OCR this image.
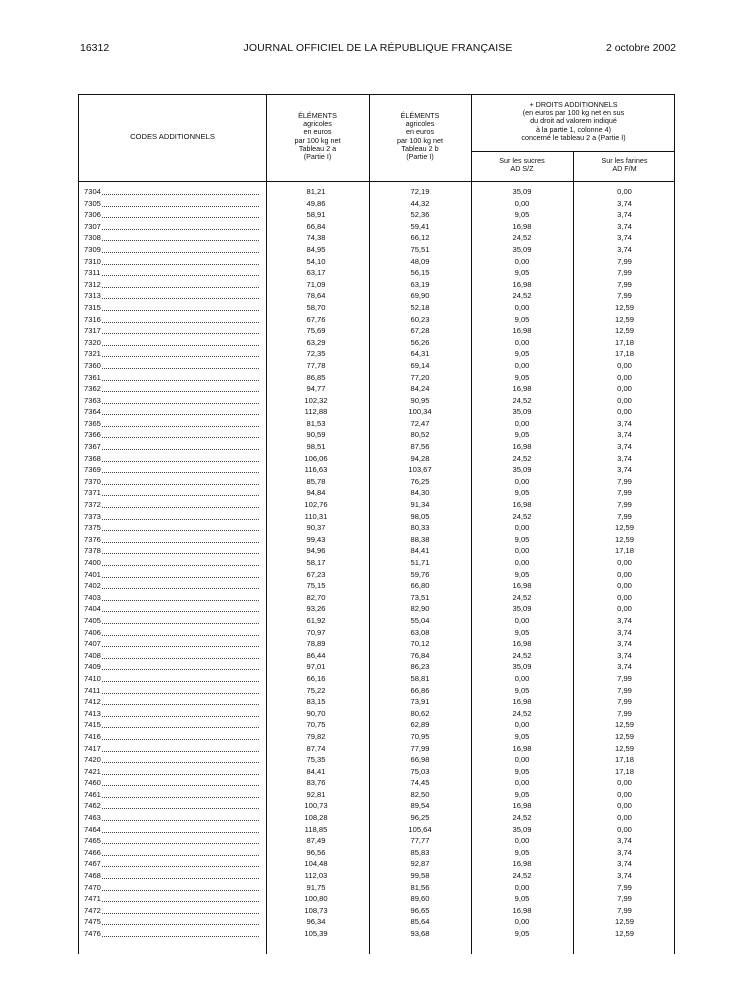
16312	JOURNAL OFFICIEL DE LA RÉPUBLIQUE FRANÇAISE	2 octobre 2002
CODES ADDITIONNELS
ÉLÉMENTS
agricoles
en euros
par 100 kg net
Tableau 2 a
(Partie I)
ÉLÉMENTS
agricoles
en euros
par 100 kg net
Tableau 2 b
(Partie I)
+ DROITS ADDITIONNELS
(en euros par 100 kg net en sus
du droit ad valorem indiqué
à la partie 1, colonne 4)
concerné le tableau 2 a (Partie I)
Sur les sucres
AD S/Z
Sur les farines
AD F/M
7304	81,21	72,19	35,09	0,00
7305	49,86	44,32	0,00	3,74
7306	58,91	52,36	9,05	3,74
7307	66,84	59,41	16,98	3,74
7308	74,38	66,12	24,52	3,74
7309	84,95	75,51	35,09	3,74
7310	54,10	48,09	0,00	7,99
7311	63,17	56,15	9,05	7,99
7312	71,09	63,19	16,98	7,99
7313	78,64	69,90	24,52	7,99
7315	58,70	52,18	0,00	12,59
7316	67,76	60,23	9,05	12,59
7317	75,69	67,28	16,98	12,59
7320	63,29	56,26	0,00	17,18
7321	72,35	64,31	9,05	17,18
7360	77,78	69,14	0,00	0,00
7361	86,85	77,20	9,05	0,00
7362	94,77	84,24	16,98	0,00
7363	102,32	90,95	24,52	0,00
7364	112,88	100,34	35,09	0,00
7365	81,53	72,47	0,00	3,74
7366	90,59	80,52	9,05	3,74
7367	98,51	87,56	16,98	3,74
7368	106,06	94,28	24,52	3,74
7369	116,63	103,67	35,09	3,74
7370	85,78	76,25	0,00	7,99
7371	94,84	84,30	9,05	7,99
7372	102,76	91,34	16,98	7,99
7373	110,31	98,05	24,52	7,99
7375	90,37	80,33	0,00	12,59
7376	99,43	88,38	9,05	12,59
7378	94,96	84,41	0,00	17,18
7400	58,17	51,71	0,00	0,00
7401	67,23	59,76	9,05	0,00
7402	75,15	66,80	16,98	0,00
7403	82,70	73,51	24,52	0,00
7404	93,26	82,90	35,09	0,00
7405	61,92	55,04	0,00	3,74
7406	70,97	63,08	9,05	3,74
7407	78,89	70,12	16,98	3,74
7408	86,44	76,84	24,52	3,74
7409	97,01	86,23	35,09	3,74
7410	66,16	58,81	0,00	7,99
7411	75,22	66,86	9,05	7,99
7412	83,15	73,91	16,98	7,99
7413	90,70	80,62	24,52	7,99
7415	70,75	62,89	0,00	12,59
7416	79,82	70,95	9,05	12,59
7417	87,74	77,99	16,98	12,59
7420	75,35	66,98	0,00	17,18
7421	84,41	75,03	9,05	17,18
7460	83,76	74,45	0,00	0,00
7461	92,81	82,50	9,05	0,00
7462	100,73	89,54	16,98	0,00
7463	108,28	96,25	24,52	0,00
7464	118,85	105,64	35,09	0,00
7465	87,49	77,77	0,00	3,74
7466	96,56	85,83	9,05	3,74
7467	104,48	92,87	16,98	3,74
7468	112,03	99,58	24,52	3,74
7470	91,75	81,56	0,00	7,99
7471	100,80	89,60	9,05	7,99
7472	108,73	96,65	16,98	7,99
7475	96,34	85,64	0,00	12,59
7476	105,39	93,68	9,05	12,59
